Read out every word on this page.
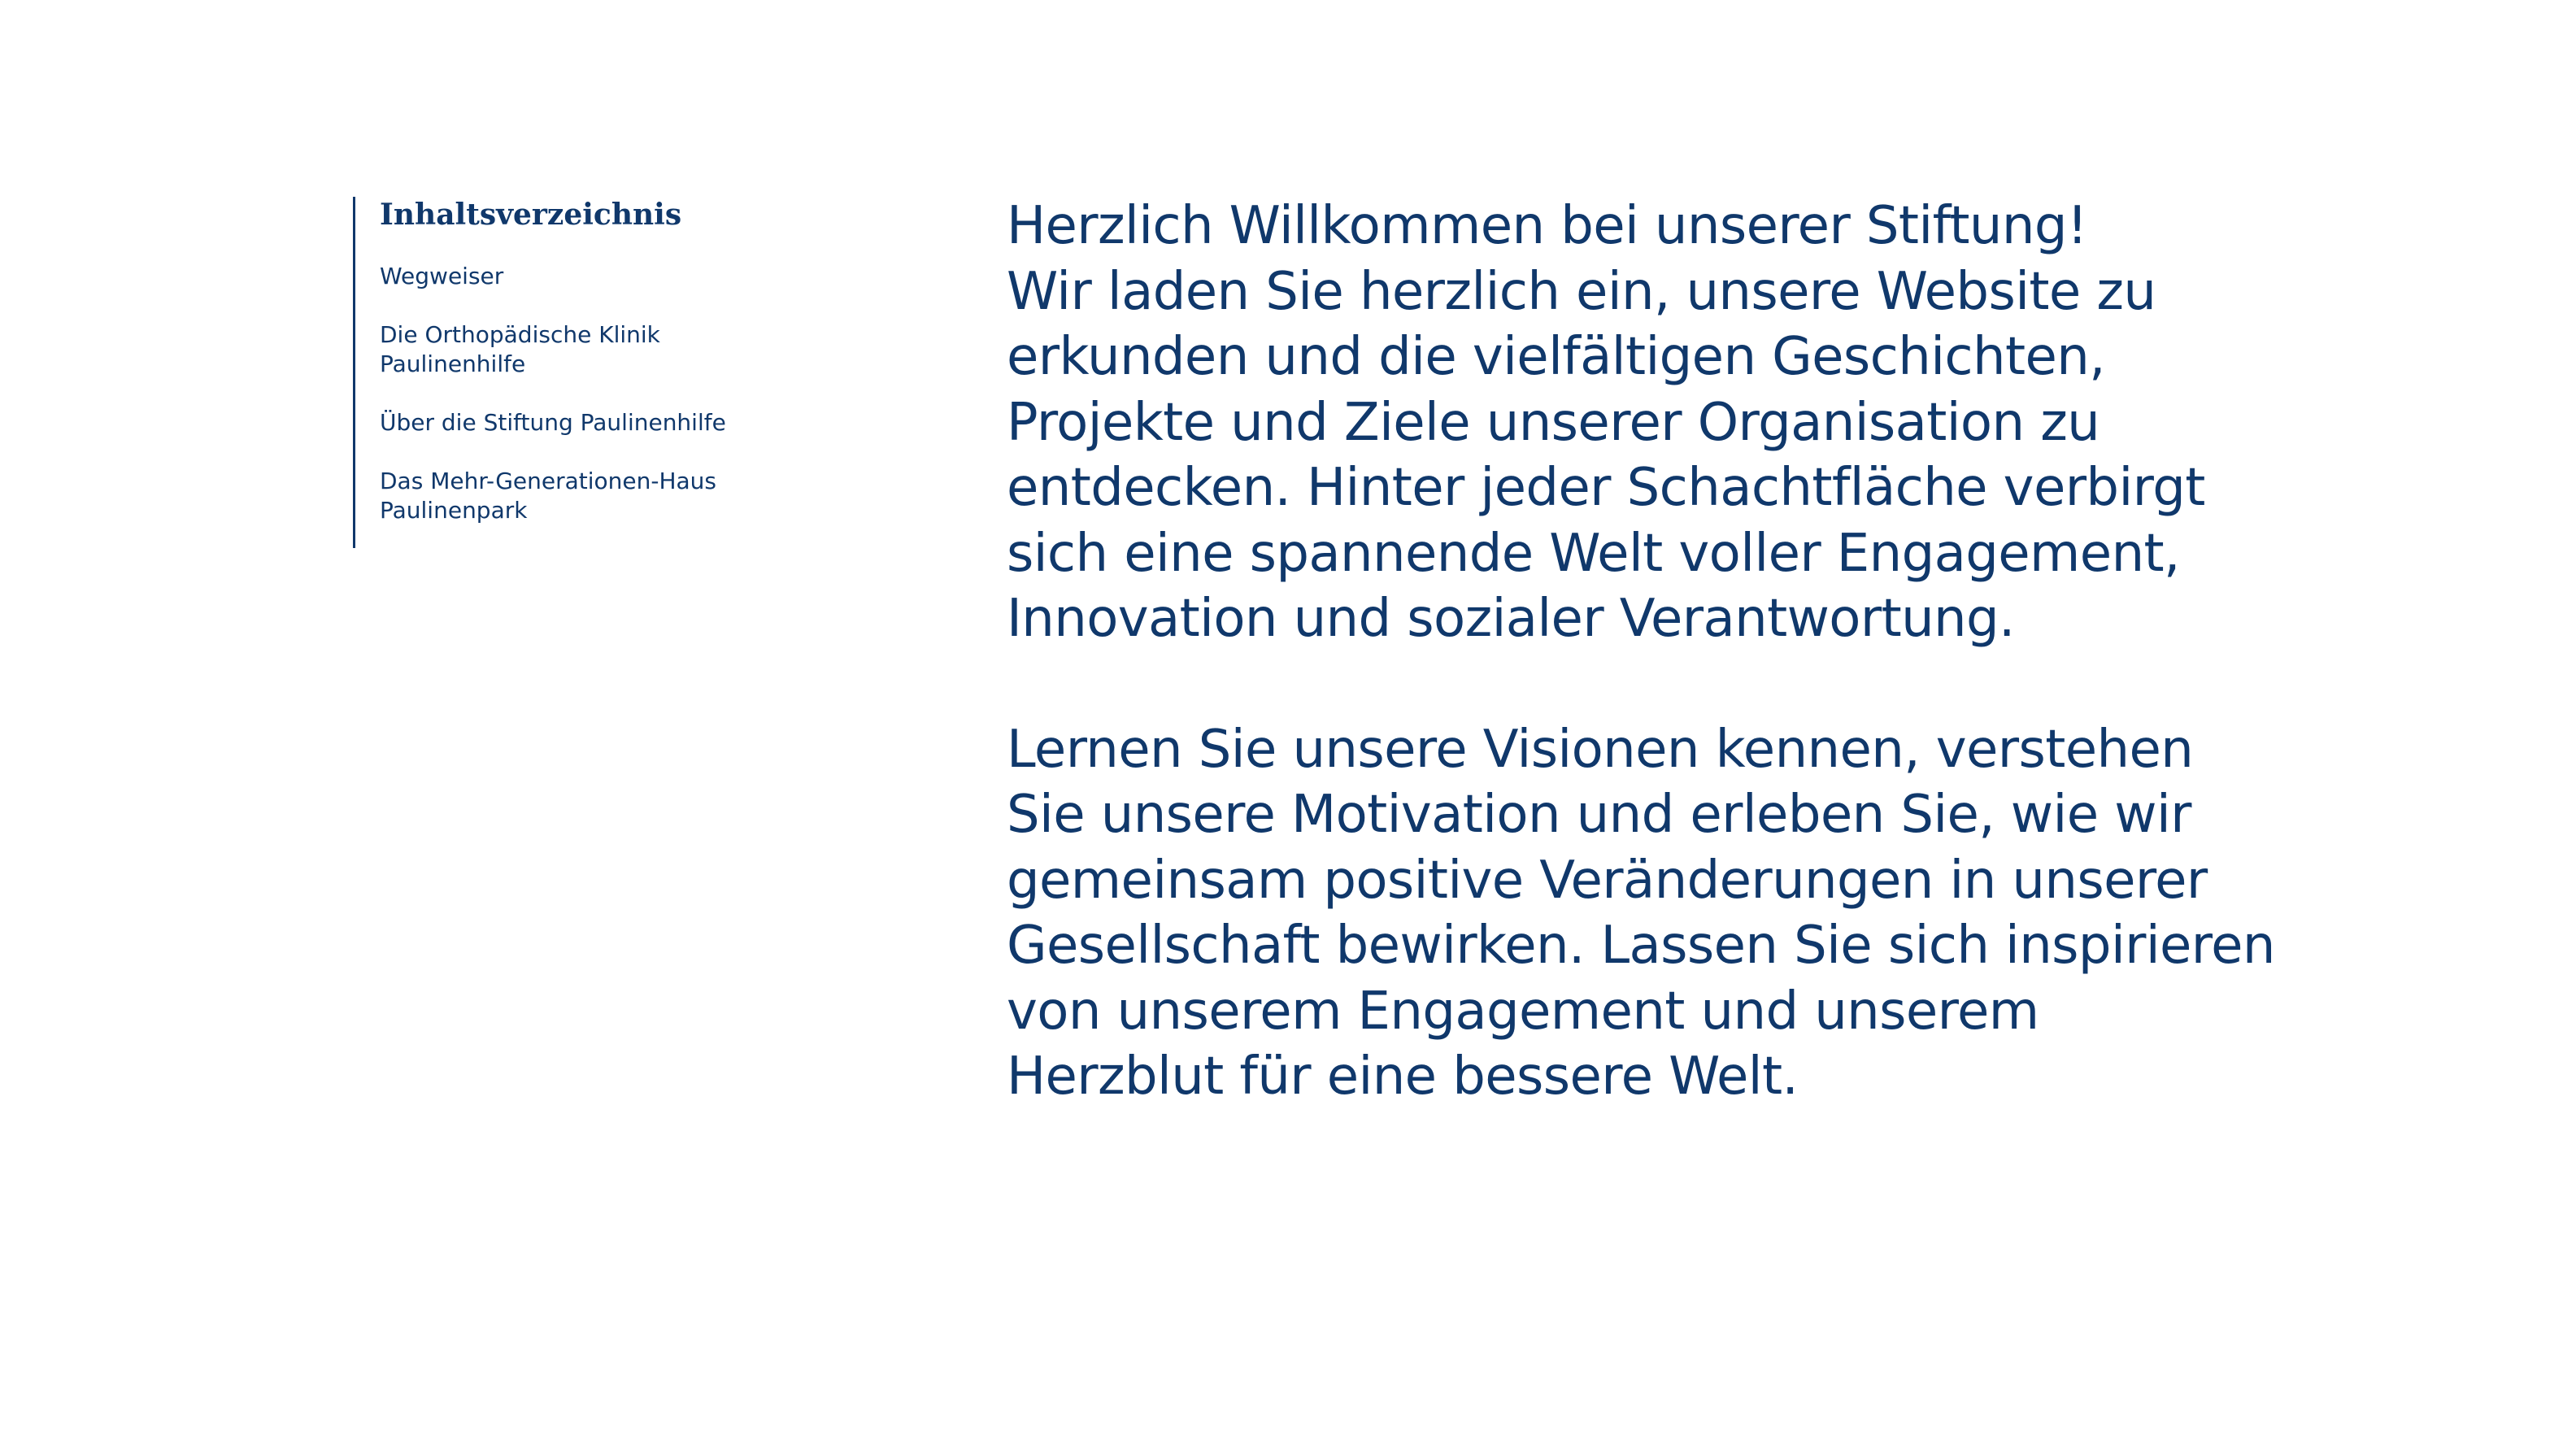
Inhaltsverzeichnis
Wegweiser
Die Orthopädische Klinik
Paulinenhilfe
Über die Stiftung Paulinenhilfe
Das Mehr-Generationen-Haus
Paulinenpark

Herzlich Willkommen bei unserer Stiftung!
Wir laden Sie herzlich ein, unsere Website zu
erkunden und die vielfältigen Geschichten,
Projekte und Ziele unserer Organisation zu
entdecken. Hinter jeder Schachtfläche verbirgt
sich eine spannende Welt voller Engagement,
Innovation und sozialer Verantwortung.

Lernen Sie unsere Visionen kennen, verstehen
Sie unsere Motivation und erleben Sie, wie wir
gemeinsam positive Veränderungen in unserer
Gesellschaft bewirken. Lassen Sie sich inspirieren
von unserem Engagement und unserem
Herzblut für eine bessere Welt.
